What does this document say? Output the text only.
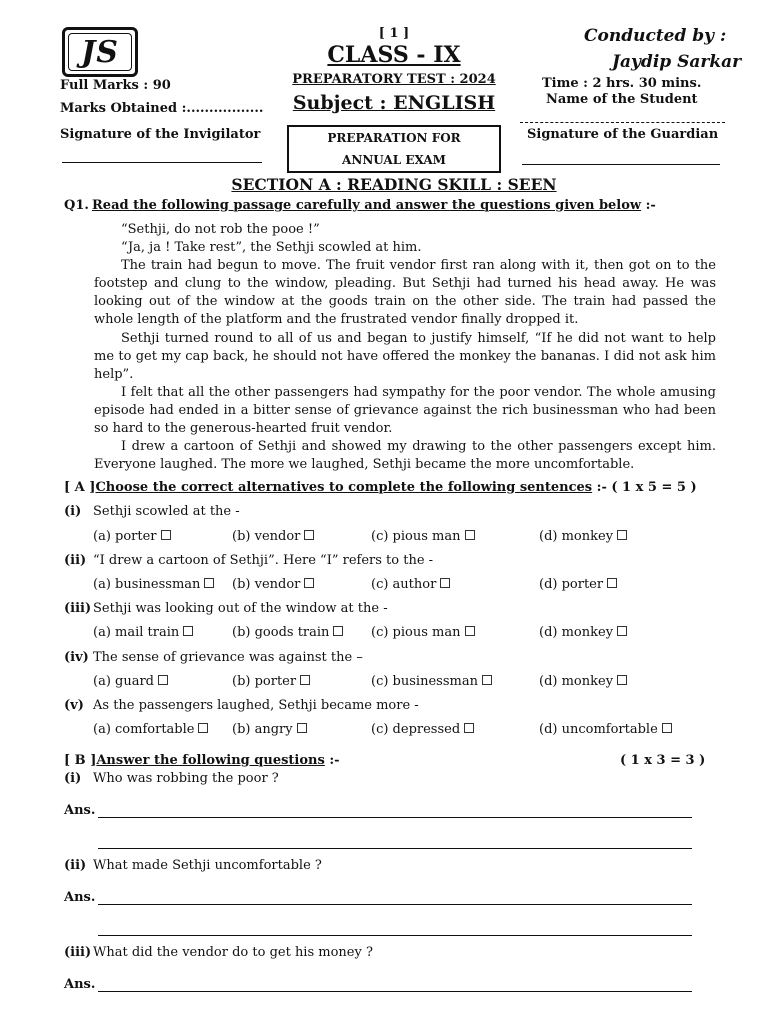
JS
[ 1 ]
CLASS - IX
PREPARATORY TEST : 2024
Subject : ENGLISH
Conducted by :
Jaydip Sarkar
Full Marks : 90
Marks Obtained :.................
Time : 2 hrs. 30 mins.
Name of the Student
Signature of the Invigilator	PREPARATION FOR
ANNUAL EXAM
Signature of the Guardian
SECTION A : READING SKILL : SEEN
Q1. Read the following passage carefully and answer the questions given below :-

“Sethji, do not rob the pooe !”

“Ja, ja ! Take rest”, the Sethji scowled at him.

The train had begun to move. The fruit vendor first ran along with it, then got on to the footstep and clung to the window, pleading. But Sethji had turned his head away. He was looking out of the window at the goods train on the other side. The train had passed the whole length of the platform and the frustrated vendor finally dropped it.

Sethji turned round to all of us and began to justify himself, “If he did not want to help me to get my cap back, he should not have offered the monkey the bananas. I did not ask him help”.

I felt that all the other passengers had sympathy for the poor vendor. The whole amusing episode had ended in a bitter sense of grievance against the rich businessman who had been so hard to the generous-hearted fruit vendor.

I drew a cartoon of Sethji and showed my drawing to the other passengers except him. Everyone laughed. The more we laughed, Sethji became the more uncomfortable.

[ A ]Choose the correct alternatives to complete the following sentences :- ( 1 x 5 = 5 )
(i) Sethji scowled at the -
(a) porter	(b) vendor	(c) pious man	(d) monkey
(ii) “I drew a cartoon of Sethji”. Here “I” refers to the -
(a) businessman	(b) vendor	(c) author	(d) porter
(iii) Sethji was looking out of the window at the -
(a) mail train	(b) goods train	(c) pious man	(d) monkey
(iv) The sense of grievance was against the –
(a) guard	(b) porter	(c) businessman	(d) monkey
(v) As the passengers laughed, Sethji became more -
(a) comfortable	(b) angry	(c) depressed	(d) uncomfortable
[ B ]Answer the following questions :-	( 1 x 3 = 3 )
(i) Who was robbing the poor ?
Ans.
(ii) What made Sethji uncomfortable ?
Ans.
(iii) What did the vendor do to get his money ?
Ans.
